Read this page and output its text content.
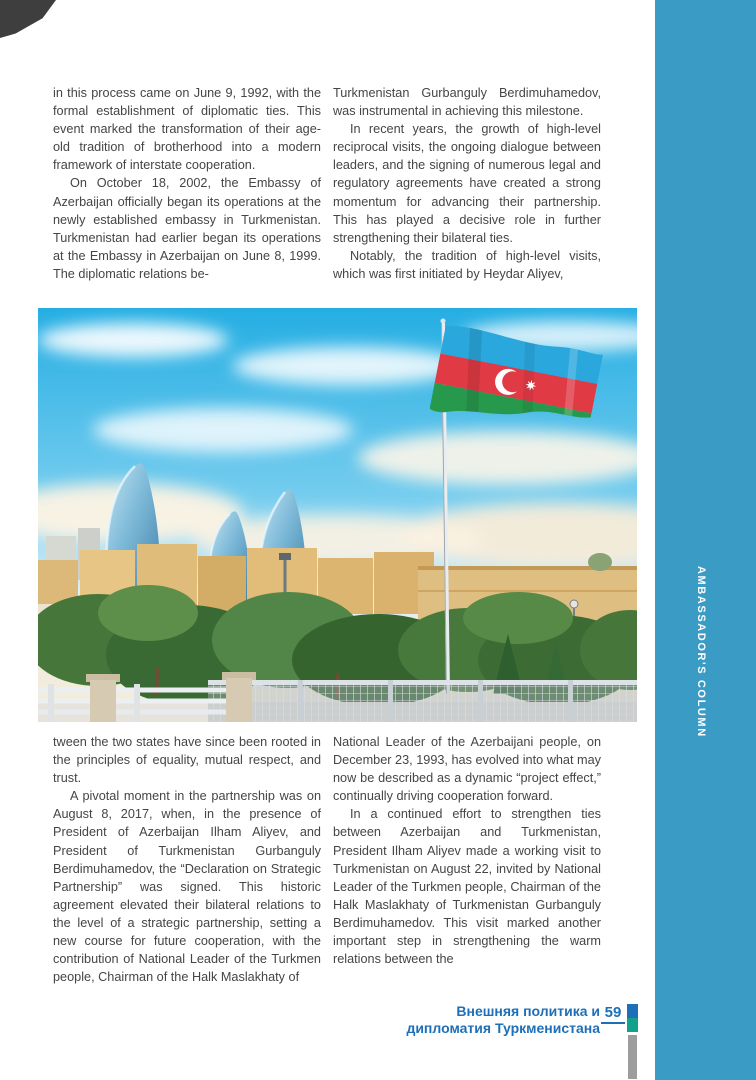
in this process came on June 9, 1992, with the formal establishment of diplomatic ties. This event marked the transformation of their age-old tradition of brotherhood into a modern framework of interstate cooperation.

On October 18, 2002, the Embassy of Azerbaijan officially began its operations at the newly established embassy in Turkmenistan. Turkmenistan had earlier began its operations at the Embassy in Azerbaijan on June 8, 1999. The diplomatic relations be-

Turkmenistan Gurbanguly Berdimuhamedov, was instrumental in achieving this milestone.

In recent years, the growth of high-level reciprocal visits, the ongoing dialogue between leaders, and the signing of numerous legal and regulatory agreements have created a strong momentum for advancing their partnership. This has played a decisive role in further strengthening their bilateral ties.

Notably, the tradition of high-level visits, which was first initiated by Heydar Aliyev,

tween the two states have since been rooted in the principles of equality, mutual respect, and trust.

A pivotal moment in the partnership was on August 8, 2017, when, in the presence of President of Azerbaijan Ilham Aliyev, and President of Turkmenistan Gurbanguly Berdimuhamedov, the “Declaration on Strategic Partnership” was signed. This historic agreement elevated their bilateral relations to the level of a strategic partnership, setting a new course for future cooperation, with the contribution of National Leader of the Turkmen people, Chairman of the Halk Maslakhaty of

National Leader of the Azerbaijani people, on December 23, 1993, has evolved into what may now be described as a dynamic “project effect,” continually driving cooperation forward.

In a continued effort to strengthen ties between Azerbaijan and Turkmenistan, President Ilham Aliyev made a working visit to Turkmenistan on August 22, invited by National Leader of the Turkmen people, Chairman of the Halk Maslakhaty of Turkmenistan Gurbanguly Berdimuhamedov. This visit marked another important step in strengthening the warm relations between the

Внешняя политика и
дипломатия Туркменистана
59
AMBASSADOR'S COLUMN
